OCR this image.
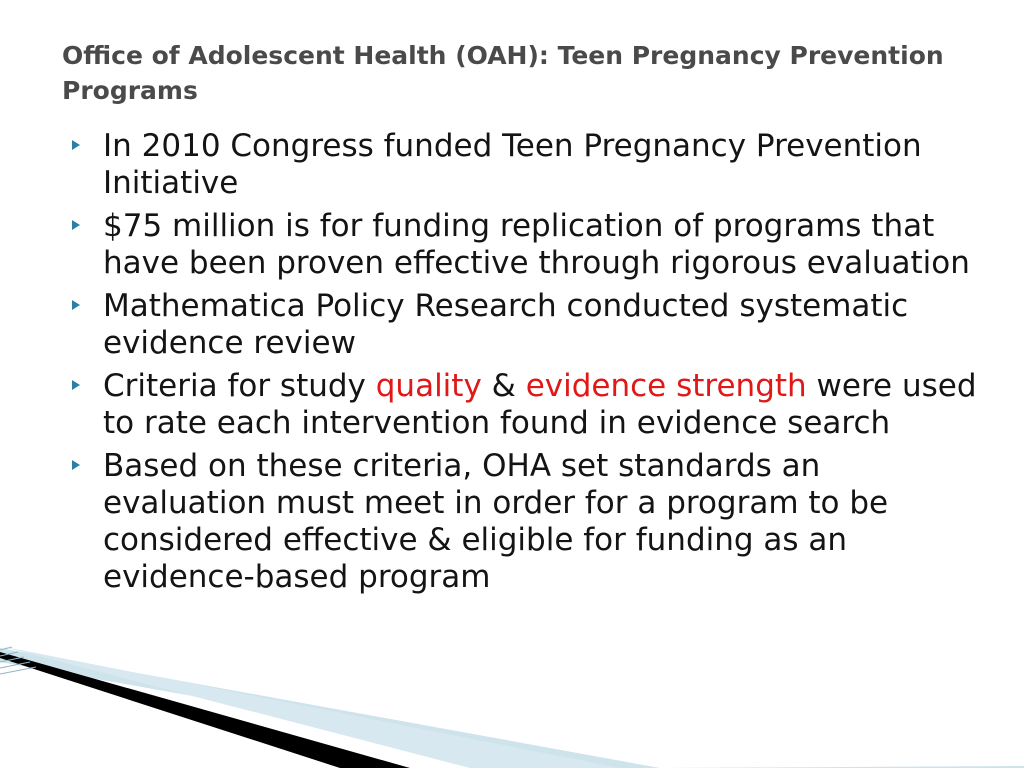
Office of Adolescent Health (OAH): Teen Pregnancy Prevention Programs
In 2010 Congress funded Teen Pregnancy Prevention Initiative
$75 million is for funding replication of programs that have been proven effective through rigorous evaluation
Mathematica Policy Research conducted systematic evidence review
Criteria for study quality & evidence strength were used to rate each intervention found in evidence search
Based on these criteria, OHA set standards an evaluation must meet in order for a program to be considered effective & eligible for funding as an evidence-based program
